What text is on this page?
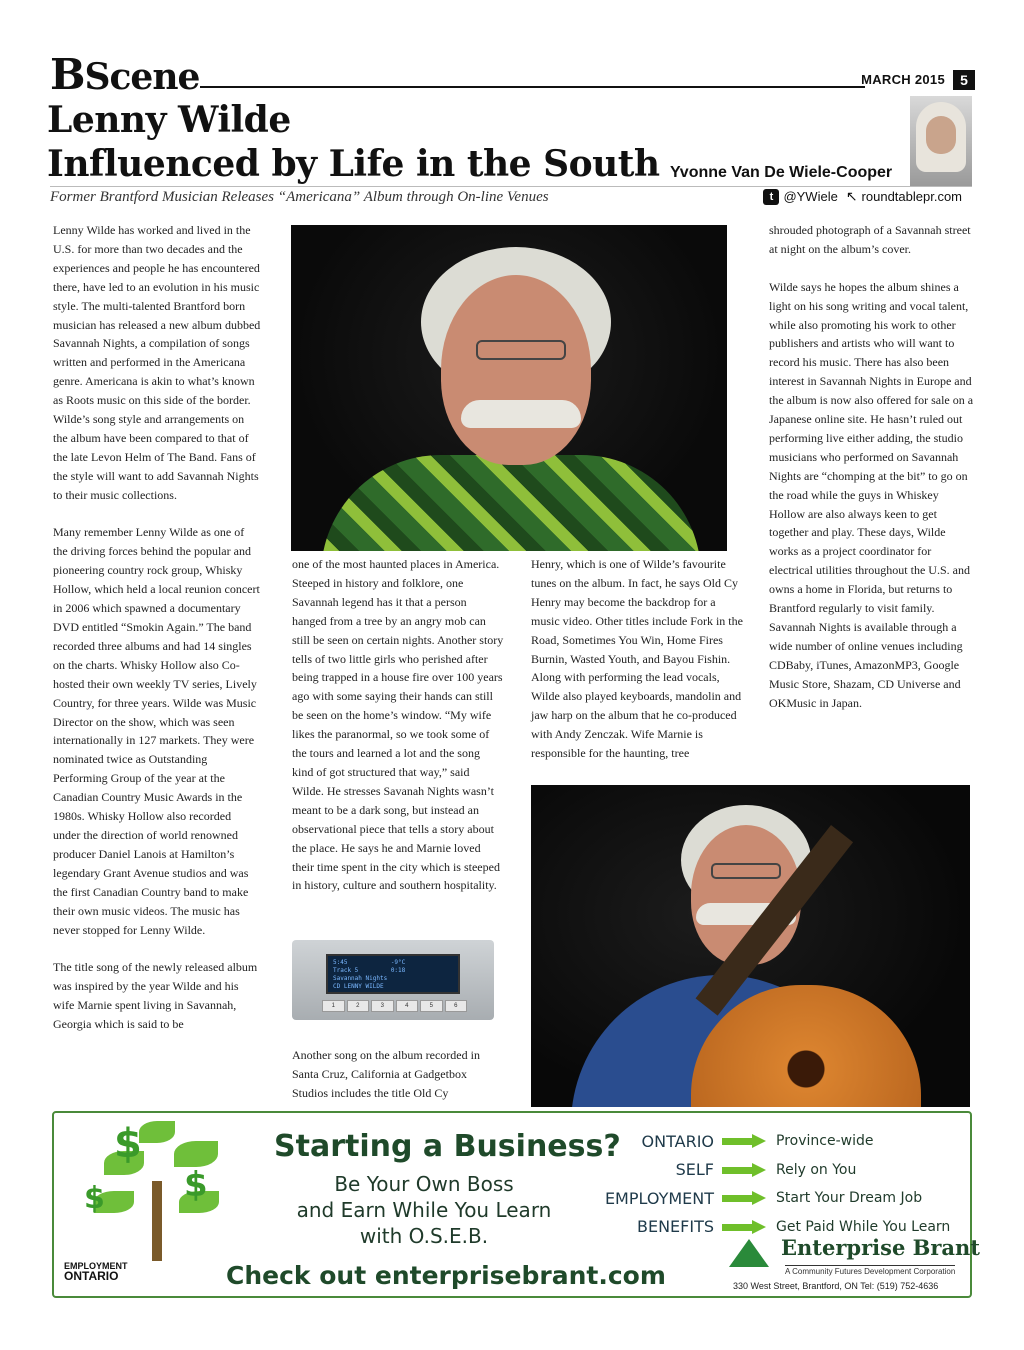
BScene	MARCH 2015	5
Lenny Wilde
Influenced by Life in the South Yvonne Van De Wiele-Cooper
Former Brantford Musician Releases “Americana” Album through On-line Venues	t @YWiele ↖ roundtablepr.com

Lenny Wilde has worked and lived in the U.S. for more than two decades and the experiences and people he has encountered there, have led to an evolution in his music style. The multi-talented Brantford born musician has released a new album dubbed Savannah Nights, a compilation of songs written and performed in the Americana genre. Americana is akin to what’s known as Roots music on this side of the border. Wilde’s song style and arrangements on the album have been compared to that of the late Levon Helm of The Band. Fans of the style will want to add Savannah Nights to their music collections.

Many remember Lenny Wilde as one of the driving forces behind the popular and pioneering country rock group, Whisky Hollow, which held a local reunion concert in 2006 which spawned a documentary DVD entitled “Smokin Again.” The band recorded three albums and had 14 singles on the charts. Whisky Hollow also Co-hosted their own weekly TV series, Lively Country, for three years. Wilde was Music Director on the show, which was seen internationally in 127 markets. They were nominated twice as Outstanding Performing Group of the year at the Canadian Country Music Awards in the 1980s. Whisky Hollow also recorded under the direction of world renowned producer Daniel Lanois at Hamilton’s legendary Grant Avenue studios and was the first Canadian Country band to make their own music videos. The music has never stopped for Lenny Wilde.

The title song of the newly released album was inspired by the year Wilde and his wife Marnie spent living in Savannah, Georgia which is said to be

one of the most haunted places in America. Steeped in history and folklore, one Savannah legend has it that a person hanged from a tree by an angry mob can still be seen on certain nights. Another story tells of two little girls who perished after being trapped in a house fire over 100 years ago with some saying their hands can still be seen on the home’s window. “My wife likes the paranormal, so we took some of the tours and learned a lot and the song kind of got structured that way,” said Wilde. He stresses Savanah Nights wasn’t meant to be a dark song, but instead an observational piece that tells a story about the place. He says he and Marnie loved their time spent in the city which is steeped in history, culture and southern hospitality.
5:45	-9°C
Track 5	0:18
Savannah Nights
CD LENNY WILDE
1	2	3	4	5	6
Another song on the album recorded in Santa Cruz, California at Gadgetbox Studios includes the title Old Cy
Henry, which is one of Wilde’s favourite tunes on the album. In fact, he says Old Cy Henry may become the backdrop for a music video. Other titles include Fork in the Road, Sometimes You Win, Home Fires Burnin, Wasted Youth, and Bayou Fishin. Along with performing the lead vocals, Wilde also played keyboards, mandolin and jaw harp on the album that he co-produced with Andy Zenczak. Wife Marnie is responsible for the haunting, tree

shrouded photograph of a Savannah street at night on the album’s cover.

Wilde says he hopes the album shines a light on his song writing and vocal talent, while also promoting his work to other publishers and artists who will want to record his music. There has also been interest in Savannah Nights in Europe and the album is now also offered for sale on a Japanese online site. He hasn’t ruled out performing live either adding, the studio musicians who performed on Savannah Nights are “chomping at the bit” to go on the road while the guys in Whiskey Hollow are also always keen to get together and play. These days, Wilde works as a project coordinator for electrical utilities throughout the U.S. and owns a home in Florida, but returns to Brantford regularly to visit family. Savannah Nights is available through a wide number of online venues including CDBaby, iTunes, AmazonMP3, Google Music Store, Shazam, CD Universe and OKMusic in Japan.

$
$
$
EMPLOYMENT
ONTARIO
Starting a Business?
Be Your Own Boss
and Earn While You Learn
with O.S.E.B.
Check out enterprisebrant.com
ONTARIO	Province-wide
SELF	Rely on You
EMPLOYMENT	Start Your Dream Job
BENEFITS	Get Paid While You Learn
Enterprise Brant
A Community Futures Development Corporation
330 West Street, Brantford, ON Tel: (519) 752-4636
